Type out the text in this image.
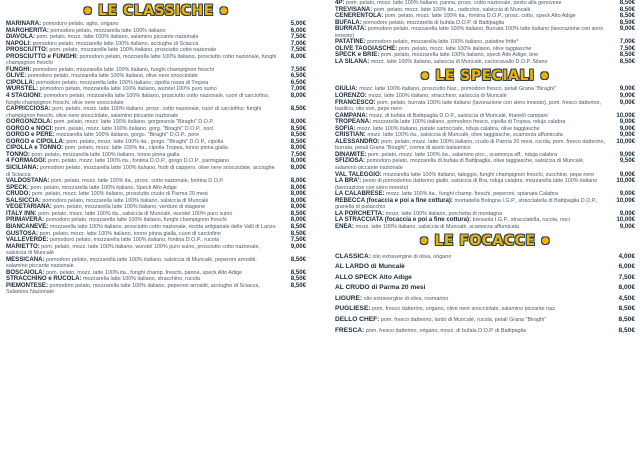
● LE CLASSICHE ●
MARINARA: pomodoro pelato, aglio, origano	5,00€
MARGHERITA: pomodoro pelato, mozzarella latte 100% italiano	6,00€
DIAVOLA: pom. pelato, mozz. latte 100% italiano, salamino piccante nazionale	7,50€
NAPOLI: pomodoro pelato, mozzarella latte 100% italiano, acciughe di Sciacca	7,00€
PROSCIUTTO: pom. pelato, mozzarella latte 100% italiano, prosciutto cotto nazionale	7,50€
PROSCIUTTO e FUNGHI: pomodoro pelato, mozzarella latte 100% italiano, prosciutto cotto nazionale, funghi champignon freschi
8,00€
FUNGHI: pomodoro pelato, mozzarella latte 100% italiano, funghi champignon freschi	7,50€
OLIVE: pomodoro pelato, mozzarella latte 100% italiano, olive nere snocciolate	6,50€
CIPOLLA: pomodoro pelato, mozzarella latte 100% italiano, cipolla rossa di Tropea	6,50€
WURSTEL: pomodoro pelato, mozzarella latte 100% italiano, wurstel 100% puro suino	7,00€
4 STAGIONI: pomodoro pelato, mozzarella latte 100% italiano, prosciutto cotto nazionale, cuori di carciofino, funghi champignon freschi, olive nere snocciolate
8,00€
CAPRICCIOSA: pom. pelato, mozz. latte 100% italiano, prosc. cotto nazionale, cuori di carciofino, funghi champignon freschi, olive nere snocciolate, salamino piccante nazionale
8,50€
GORGONZOLA: pom. pelato, mozz. latte 100% italiano, gorgonzola "Biraghi" D.O.P.	8,00€
GORGO e NOCI: pom. pelato, mozz. latte 100% italiano, gorg. "Biraghi" D.O.P., noci	8,50€
GORGO e PERE: mozzarella latte 100% italiano, gorgo. "Biraghi" D.O.P., pere	8,50€
GORGO e CIPOLLA: pom. pelato, mozz. latte 100% ita., gorgo. "Biraghi" D.O.P., cipolla	8,50€
CIPOLLA e TONNO: pom. pelato, mozz. latte 100% ita., cipolla Tropea, tonno pinna gialla	8,00€
TONNO: pom. pelato, mozzarella latte 100% italiano, tonno pinna gialla	7,50€
4 FORMAGGI: pom. pelato, mozz. latte 100% ita., fontina D.O.P., gorgo D.O.P., parmigiano	8,00€
SICILIANA: pomodoro pelato, mozzarella latte 100% italiano, frutti di cappero, olive nere snocciolate, acciughe di Sciacca
8,00€
VALDOSTANA: pom. pelato, mozz. latte 100% ita., prosc. cotto nazionale, fontina D.O.P.	8,00€
SPECK: pom. pelato, mozzarella latte 100% italiano, Speck Alto Adige	8,00€
CRUDO: pom. pelato, mozz. latte 100% italiano, prosciutto crudo di Parma 20 mesi	8,00€
SALSICCIA: pomodoro pelato, mozzarella latte 100% italiano, salsiccia di Muncalè	8,00€
VEGETARIANA: pom. pelato, mozzarella latte 100% italiano, verdure di stagione	8,00€
ITALY INN: pom. pelato, mozz. latte 100% ita., salsiccia di Muncalè, wurstel 100% puro suino	8,50€
PRIMAVERA: pomodoro pelato, mozzarella latte 100% italiano, funghi champignon freschi	8,00€
BIANCANEVE: mozzarella latte 100% italiano, prosciutto cotto nazionale, ricotta artigianale delle Valli di Lanzo 8,50€
GUSTOSA: pom. pelato, mozz. latte 100% italiano, tonno pinna gialla, cuori di carciofino	8,50€
VALLEVERDE: pomodoro pelato, mozzarella latte 100% italiano, fontina D.O.P., rucola	7,50€
MARIETTO: pom. pelato, mozz. latte 100% italiano, wurstel 100% puro suino, prosciutto cotto nazionale, salsiccia di Muncalè
9,00€
MESSICANA: pomodoro pelato, mozzarella latte 100% italiano, salsiccia di Muncalè, peperoni arrostiti, salamino piccante nazionale
8,50€
BOSCAIOLA: pom. pelato, mozz. latte 100% ita., funghi champ. freschi, panna, speck Alto Adige	8,50€
STRACCHINO e RUCOLA: mozzarella latte 100% italiano, stracchino, rucola	8,50€
PIEMONTESE: pomodoro pelato, mozzarella latte 100% italiano, peperoni arrostiti, acciughe di Sciacca, Salamino Nazionale
8,50€
4P: pom. pelato, mozz. latte 100% italiano, panna, prosc. cotto nazionale, pesto alla genovese	8,50€
TREVISANA: pom. pelato, mozz. latte 100% ita., radicchio, salsiccia di Muncalè	8,50€
CENERENTOLA: pom. pelato, mozz. latte 100% ita., fontina D.O.P., prosc. cotto, speck Alto Adige	8,50€
BUFALA: pomodoro pelato, mozzarella di bufala D.O.P. di Battipaglia	8,50€
BURRATA: pomodoro pelato, mozzarella latte 100% italiano, Burrata 100% latte italiano (lavorazione con siero innesto)
9,00€
PATATINE: pomodoro pelato, mozzarella latte 100% italiano, patatine fritte*	7,00€
OLIVE TAGGIASCHE: pom. pelato, mozz. latte 100% italiano, olive taggiasche	7,50€
SPECK e BRIE: pom. pelato, mozzarella latte 100% italiano, speck Alto Adige, brie	8,50€
LA SILANA: mozz. latte 100% italiano, salsiccia di Muncalè, caciocavallo D.O.P. Silano	8,50€
● LE SPECIALI ●
GIULIA: mozz. latte 100% italiano, prosciutto Naz., pomodoro fresco, petali Grana "Biraghi"	9,00€
LORENZO: mozz. latte 100% italiano, stracchino, salsiccia di Muncalè	9,00€
FRANCESCO: pom. pelato, burrata 100% latte italiano (lavorazione con siero innesto), pom. fresco datterino, basilico, olio evo, pepe nero
9,00€
CAMPANA: mozz. di bufala di Battipaglia D.O.P., salsiccia di Muncalè, friarielli campani	10,00€
TROPEANA: mozzarella latte 100% italiano, pomodoro fresco, cipolla di Tropea, nduja calabra	9,00€
SOFIA: mozz. latte 100% italiano, patate cartocciate, nduja calabra, olive taggiasche	9,00€
CRISTIAN: mozz. latte 100% ita., salsiccia di Muncalè, olive taggiasche, scamorza affumicata	9,00€
ALESSANDRO: pom. pelato, mozz. latte 100% italiano, crudo di Parma 20 mesi, rucola, pom. fresco datterino, burrata, petali Grana "Biraghi", crema di aceto balsamico
10,00€
DINAMITE: pom. pelato, mozz. latte 100% ita., salamino picc., scamorza aff., nduja calabra	9,00€
SFIZIOSA: pomodoro pelato, mozzarella di bufala di Battipaglia, olive taggiasche, salsiccia di Muncalè, salamino piccante nazionale
9,50€
VAL TALEGGIO: mozzarella latte 100% italiano, taleggio, funghi champignon freschi, zucchine, pepe nero	9,00€
LA BRA': pesto di pomodorino datterino giallo, salsiccia di Bra, nduja calabra, mozzarella latte 100% italiano (lavorazione con siero innesto)
10,00€
LA CALABRESE: mozz. latte 100% ita., funghi champ. freschi, peperoni, spianata Calabra	9,00€
REBECCA (focaccia e poi a fine cottura): mortadella Bologna I.G.P., stracciatella di Battipaglia D.O.P., granella di pistacchio
10,00€
LA PORCHETTA: mozz. latte 100% italiano, porchetta di montagna	9,00€
LA STRACCIATA (focaccia e poi a fine cottura): bresaola I.G.P., stracciatella, rucola, noci	10,00€
ENEA: mozz. latte 100% italiano, salsiccia di Muncalè, scamorza affumicata	9,00€
● LE FOCACCE ●
CLASSICA: olio extravergine di oliva, origano	4,00€
AL LARDO di Muncalè	6,00€
ALLO SPECK Alto Adige	7,50€
AL CRUDO di Parma 20 mesi	8,00€
LIGURE: olio extravergine di oliva, rosmarino	4,50€
PUGLIESE: pom. fresco datterino, origano, olive nere snocciolate, salamino piccante naz.	8,50€
DELLO CHEF: pom. fresco datterino, lardo di Muncalè, rucola, petali Grana "Biraghi"	8,50€
FRESCA: pom. fresco datterino, origano, mozz. di bufala D.O.P. di Battipaglia	8,50€
